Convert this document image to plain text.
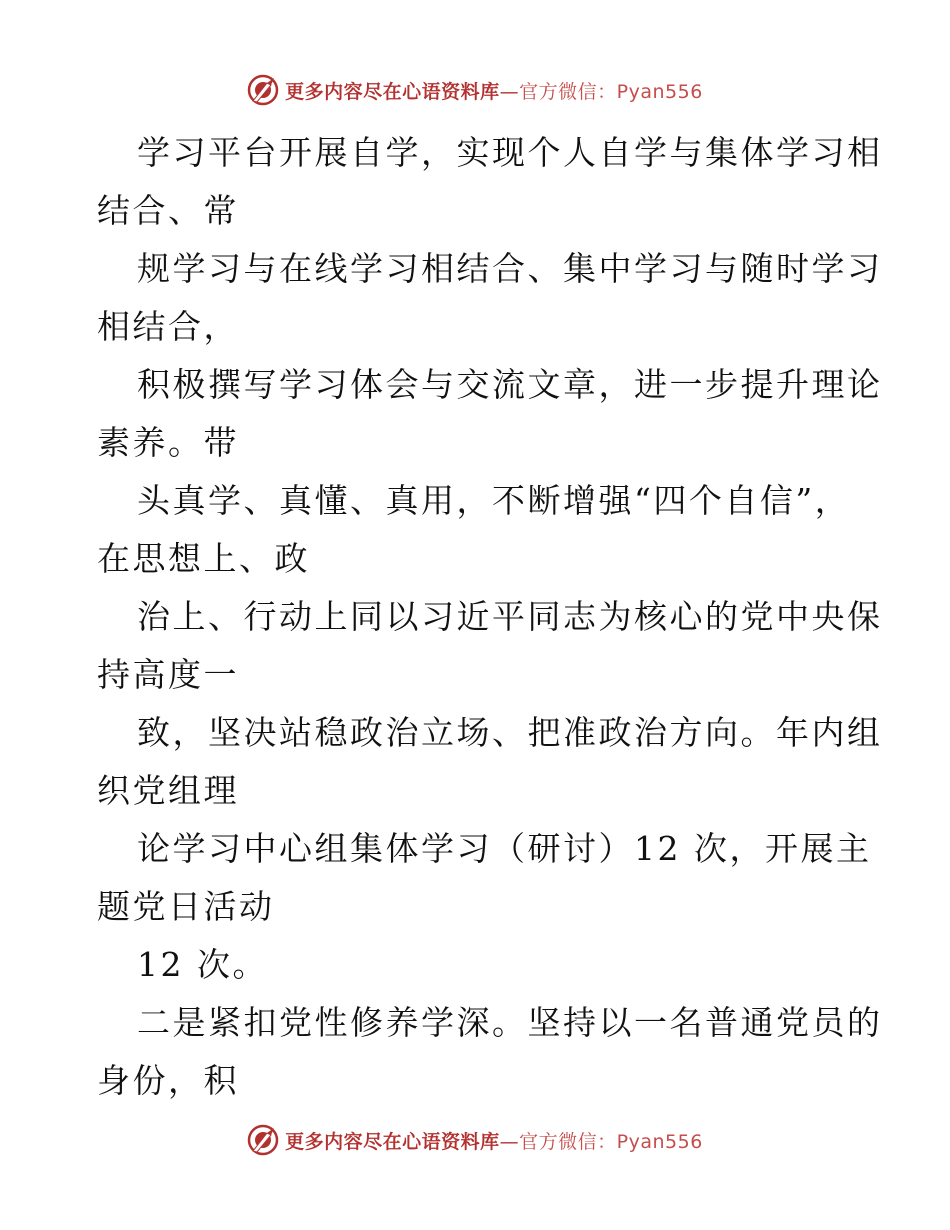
更多内容尽在心语资料库—官方微信：Pyan556
学习平台开展自学，实现个人自学与集体学习相
结合、常
规学习与在线学习相结合、集中学习与随时学习
相结合，
积极撰写学习体会与交流文章，进一步提升理论
素养。带
头真学、真懂、真用，不断增强“四个自信”，
在思想上、政
治上、行动上同以习近平同志为核心的党中央保
持高度一
致，坚决站稳政治立场、把准政治方向。年内组
织党组理
论学习中心组集体学习（研讨）12 次，开展主
题党日活动
12 次。
二是紧扣党性修养学深。坚持以一名普通党员的
身份，积
更多内容尽在心语资料库—官方微信：Pyan556
